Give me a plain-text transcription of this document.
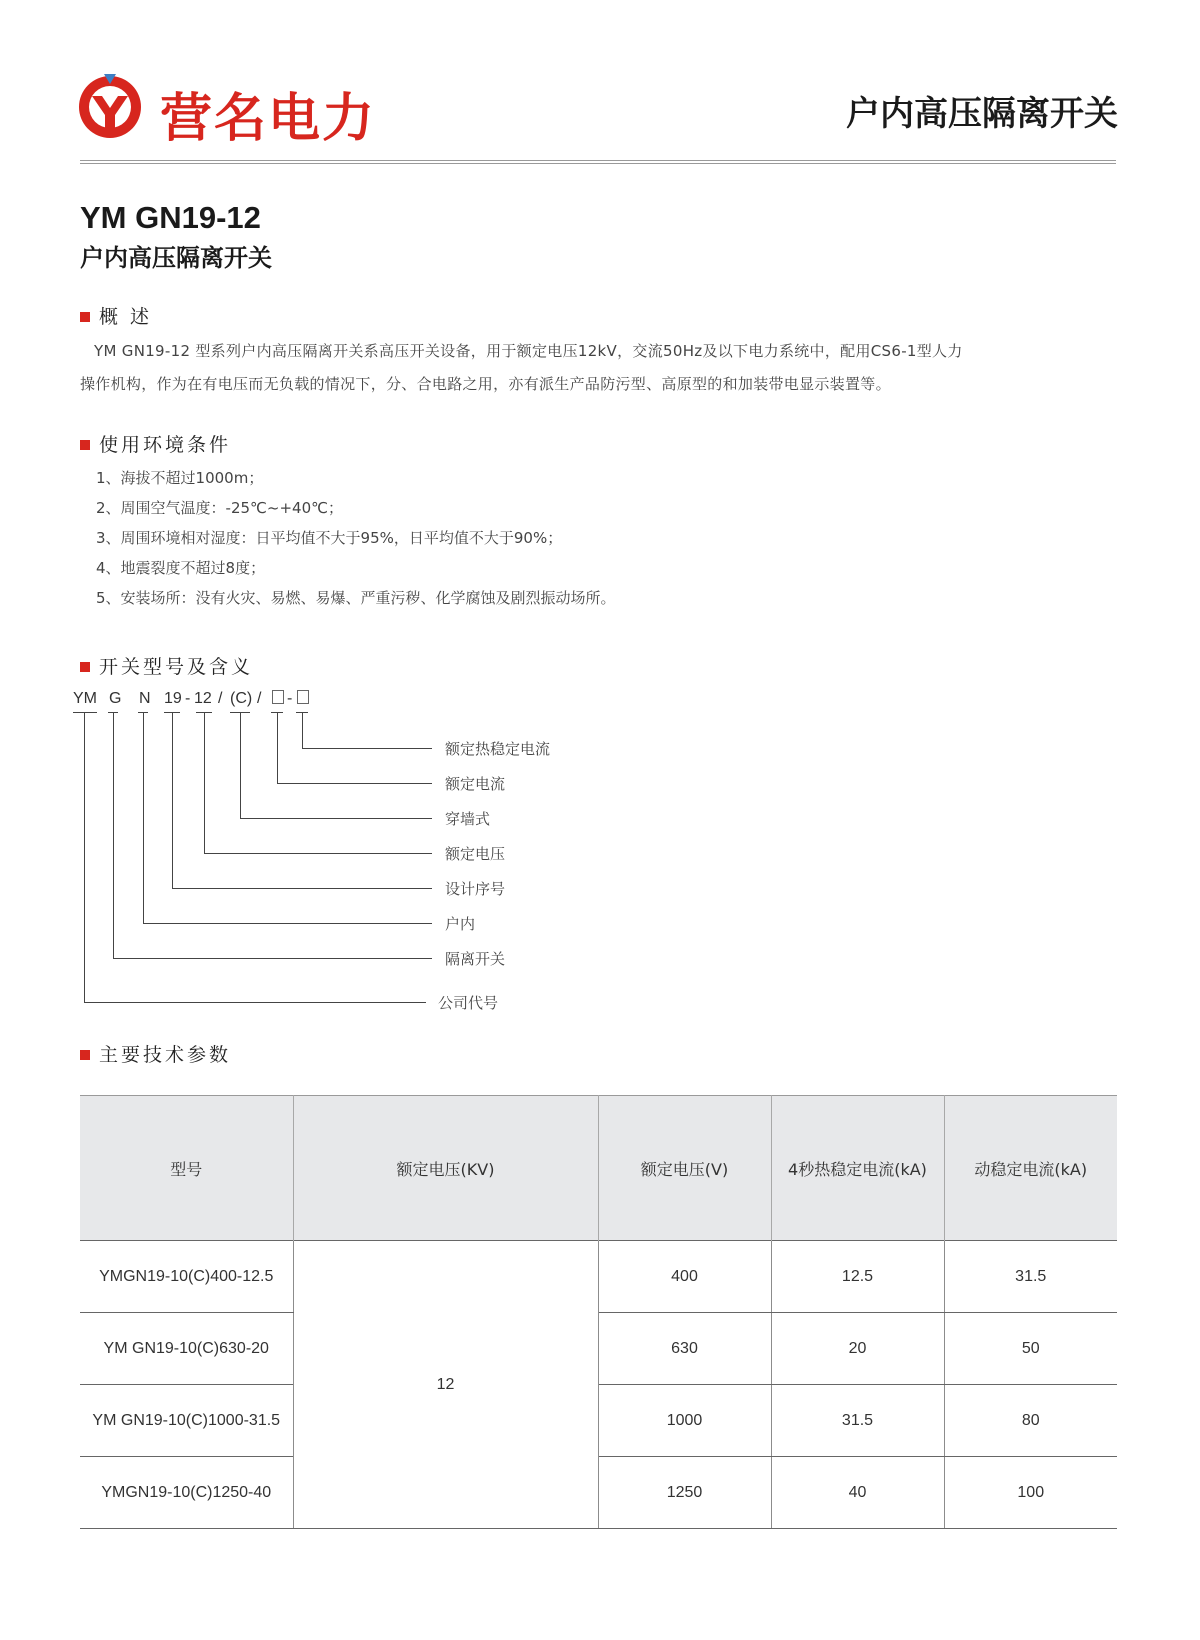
营名电力	户内高压隔离开关
YM GN19-12
户内高压隔离开关
概 述

YM GN19-12 型系列户内高压隔离开关系高压开关设备，用于额定电压12kV，交流50Hz及以下电力系统中，配用CS6-1型人力

操作机构，作为在有电压而无负载的情况下，分、合电路之用，亦有派生产品防污型、高原型的和加装带电显示装置等。

使用环境条件
1、海拔不超过1000m；
2、周围空气温度：-25℃~+40℃；
3、周围环境相对湿度：日平均值不大于95%，日平均值不大于90%；
4、地震裂度不超过8度；
5、安装场所：没有火灾、易燃、易爆、严重污秽、化学腐蚀及剧烈振动场所。
开关型号及含义
YM G N 19 - 12 / (C) / -
额定热稳定电流
额定电流
穿墙式
额定电压
设计序号
户内
隔离开关
公司代号
主要技术参数
型号	额定电压(KV)	额定电压(V)	4秒热稳定电流(kA)	动稳定电流(kA)
YMGN19-10(C)400-12.5	12	400	12.5	31.5
YM GN19-10(C)630-20		630	20	50
YM GN19-10(C)1000-31.5		1000	31.5	80
YMGN19-10(C)1250-40		1250	40	100
